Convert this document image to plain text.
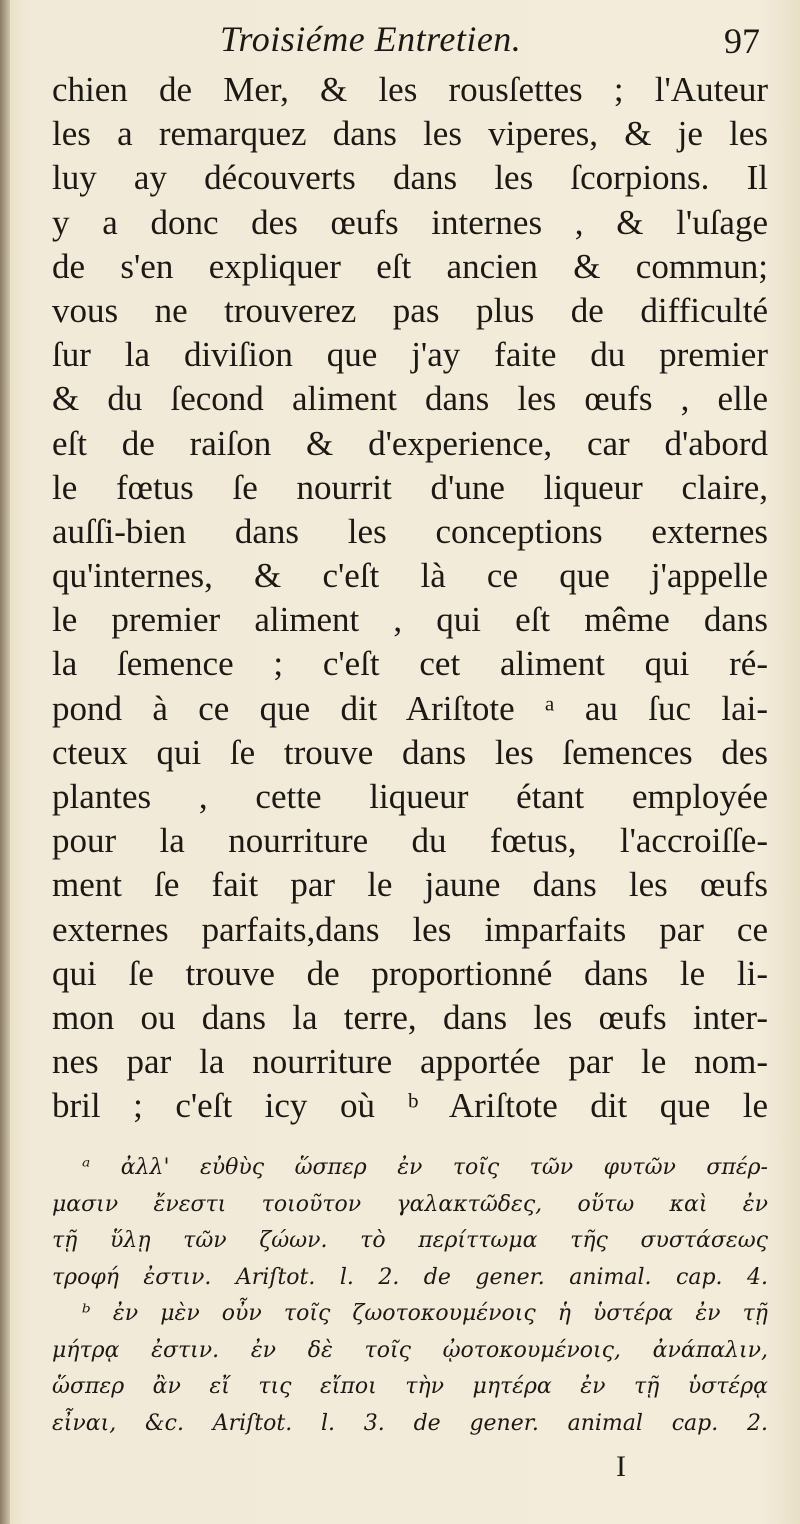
Troisiéme Entretien.	97
chien de Mer, & les rousſettes ; l'Auteur
les a remarquez dans les viperes, & je les
luy ay découverts dans les ſcorpions. Il
y a donc des œufs internes , & l'uſage
de s'en expliquer eſt ancien & commun;
vous ne trouverez pas plus de difficulté
ſur la diviſion que j'ay faite du premier
& du ſecond aliment dans les œufs , elle
eſt de raiſon & d'experience, car d'abord
le fœtus ſe nourrit d'une liqueur claire,
auſſi-bien dans les conceptions externes
qu'internes, & c'eſt là ce que j'appelle
le premier aliment , qui eſt même dans
la ſemence ; c'eſt cet aliment qui ré-
pond à ce que dit Ariſtote ᵃ au ſuc lai-
cteux qui ſe trouve dans les ſemences des
plantes , cette liqueur étant employée
pour la nourriture du fœtus, l'accroiſſe-
ment ſe fait par le jaune dans les œufs
externes parfaits,dans les imparfaits par ce
qui ſe trouve de proportionné dans le li-
mon ou dans la terre, dans les œufs inter-
nes par la nourriture apportée par le nom-
bril ; c'eſt icy où ᵇ Ariſtote dit que le
ᵃ ἀλλ' εὐθὺς ὥσπερ ἐν τοῖς τῶν φυτῶν σπέρ-
μασιν ἔνεστι τοιοῦτον γαλακτῶδες, οὕτω καὶ ἐν
τῇ ὕλῃ τῶν ζώων. τὸ περίττωμα τῆς συστάσεως
τροφή ἐστιν. Ariſtot. l. 2. de gener. animal. cap. 4.
ᵇ ἐν μὲν οὖν τοῖς ζωοτοκουμένοις ἡ ὑστέρα ἐν τῇ
μήτρᾳ ἐστιν. ἐν δὲ τοῖς ᾠοτοκουμένοις, ἀνάπαλιν,
ὥσπερ ἂν εἴ τις εἴποι τὴν μητέρα ἐν τῇ ὑστέρᾳ
εἶναι, &c. Ariſtot. l. 3. de gener. animal cap. 2.
I
